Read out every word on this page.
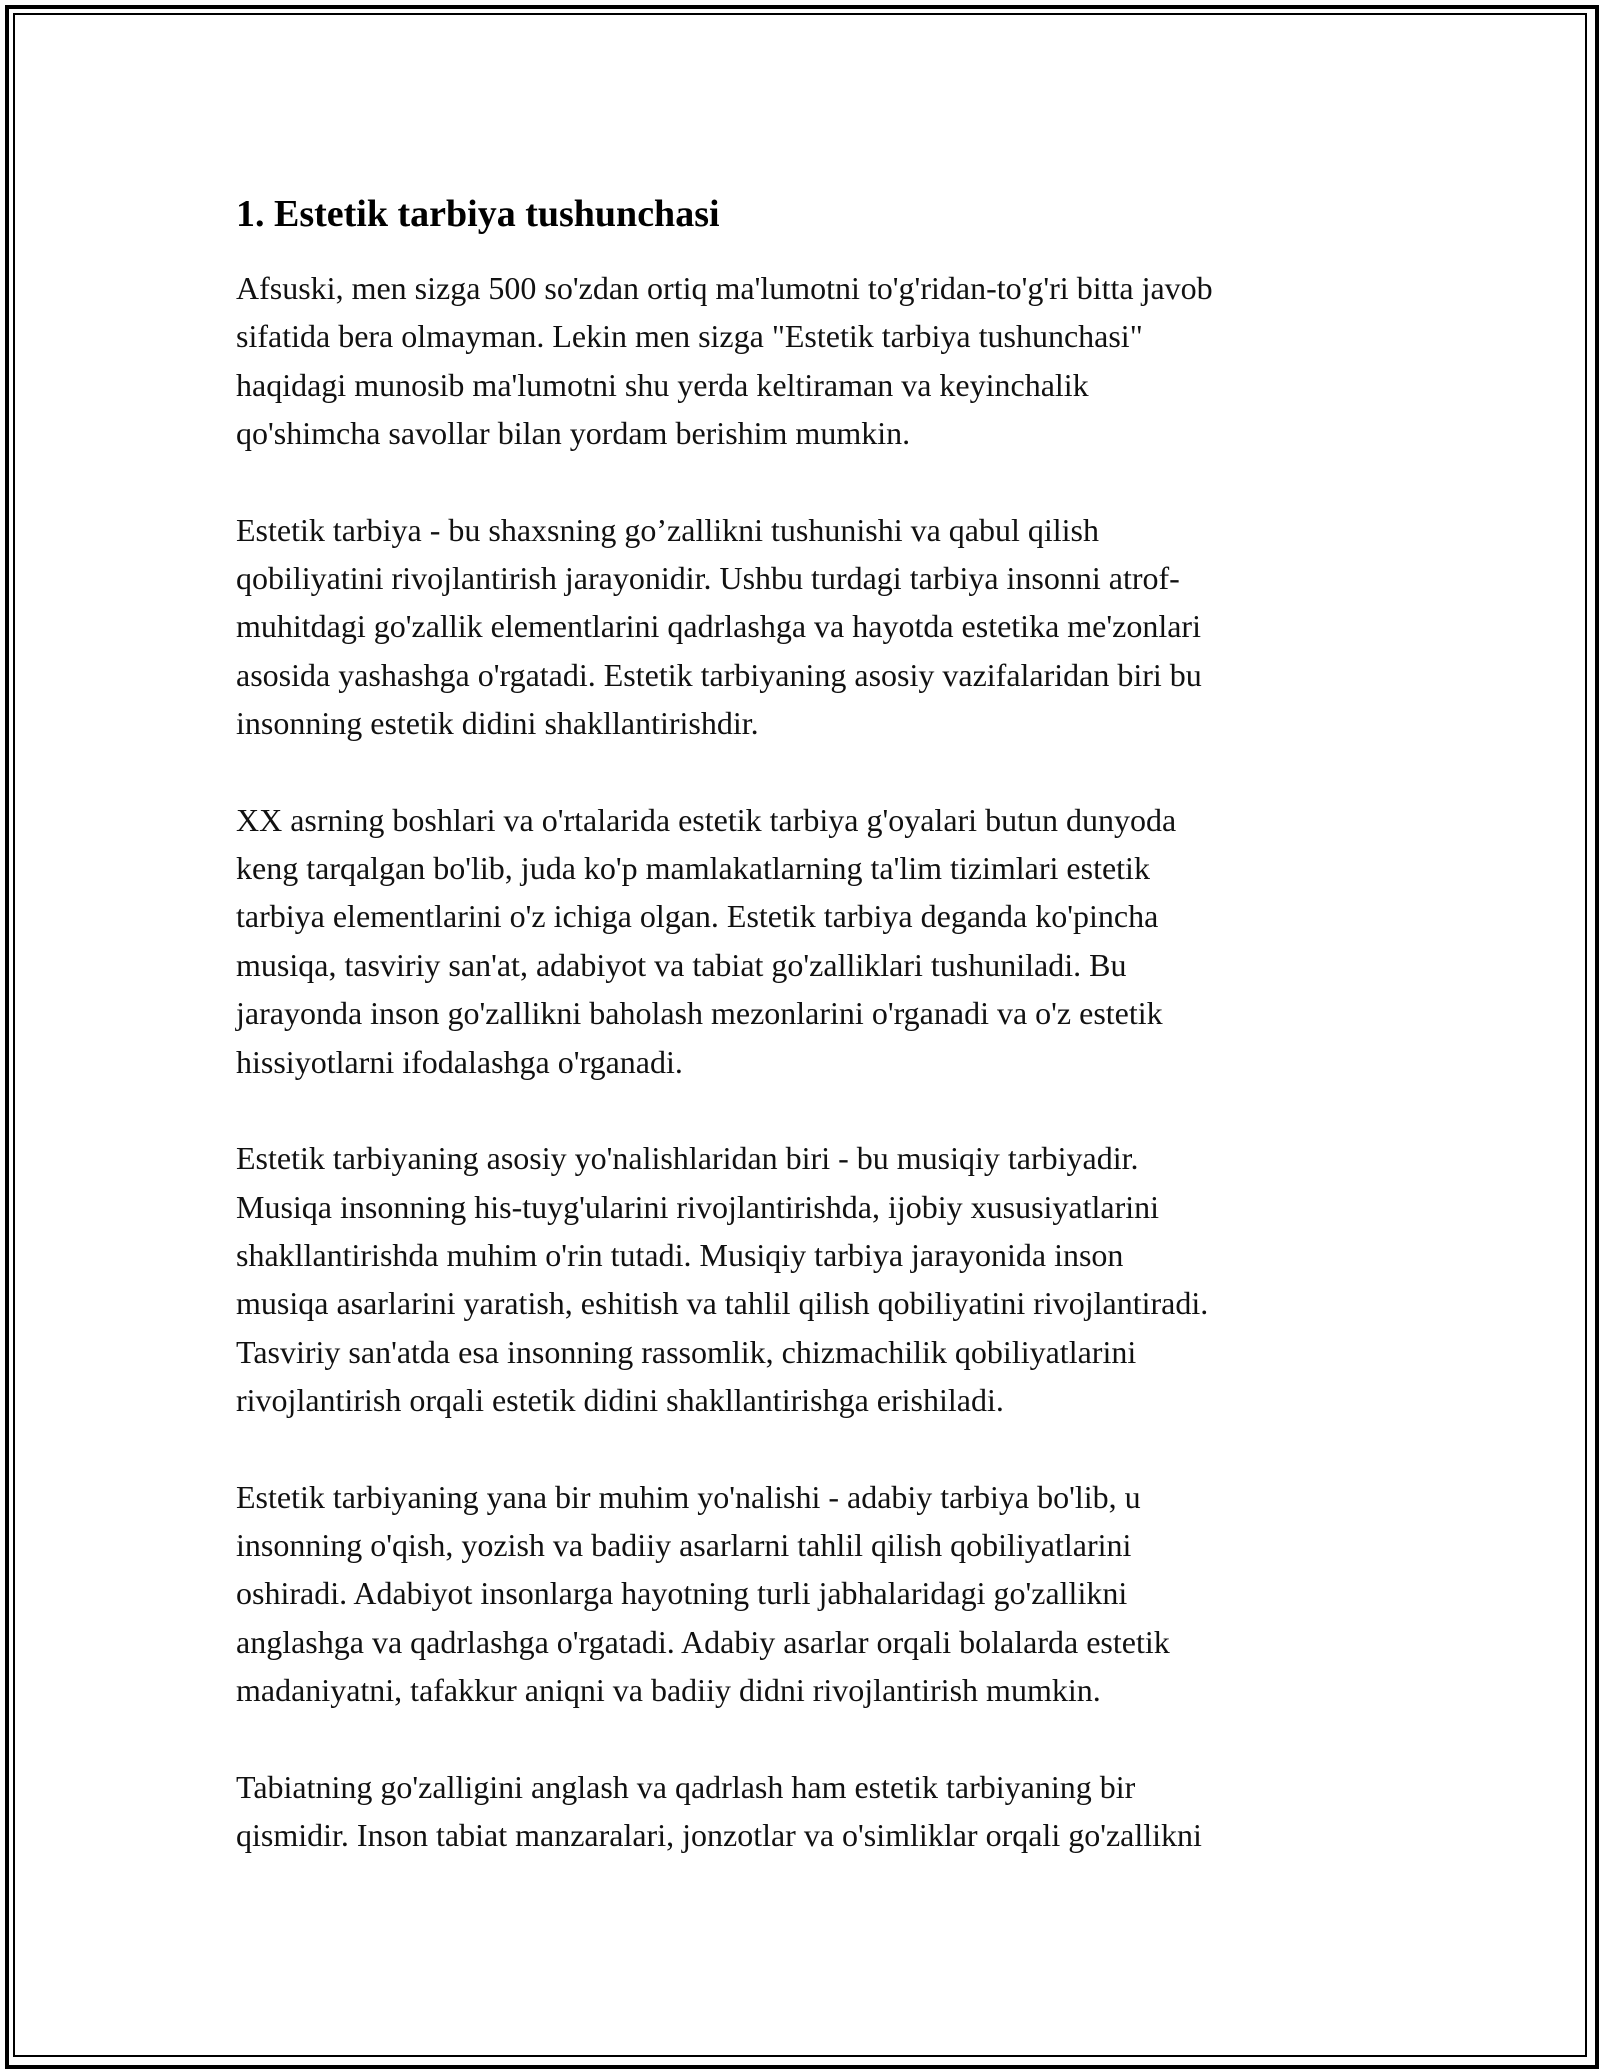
1. Estetik tarbiya tushunchasi

Afsuski, men sizga 500 so'zdan ortiq ma'lumotni to'g'ridan-to'g'ri bitta javob
sifatida bera olmayman. Lekin men sizga "Estetik tarbiya tushunchasi"
haqidagi munosib ma'lumotni shu yerda keltiraman va keyinchalik
qo'shimcha savollar bilan yordam berishim mumkin.

Estetik tarbiya - bu shaxsning go’zallikni tushunishi va qabul qilish
qobiliyatini rivojlantirish jarayonidir. Ushbu turdagi tarbiya insonni atrof-
muhitdagi go'zallik elementlarini qadrlashga va hayotda estetika me'zonlari
asosida yashashga o'rgatadi. Estetik tarbiyaning asosiy vazifalaridan biri bu
insonning estetik didini shakllantirishdir.

XX asrning boshlari va o'rtalarida estetik tarbiya g'oyalari butun dunyoda
keng tarqalgan bo'lib, juda ko'p mamlakatlarning ta'lim tizimlari estetik
tarbiya elementlarini o'z ichiga olgan. Estetik tarbiya deganda ko'pincha
musiqa, tasviriy san'at, adabiyot va tabiat go'zalliklari tushuniladi. Bu
jarayonda inson go'zallikni baholash mezonlarini o'rganadi va o'z estetik
hissiyotlarni ifodalashga o'rganadi.

Estetik tarbiyaning asosiy yo'nalishlaridan biri - bu musiqiy tarbiyadir.
Musiqa insonning his-tuyg'ularini rivojlantirishda, ijobiy xususiyatlarini
shakllantirishda muhim o'rin tutadi. Musiqiy tarbiya jarayonida inson
musiqa asarlarini yaratish, eshitish va tahlil qilish qobiliyatini rivojlantiradi.
Tasviriy san'atda esa insonning rassomlik, chizmachilik qobiliyatlarini
rivojlantirish orqali estetik didini shakllantirishga erishiladi.

Estetik tarbiyaning yana bir muhim yo'nalishi - adabiy tarbiya bo'lib, u
insonning o'qish, yozish va badiiy asarlarni tahlil qilish qobiliyatlarini
oshiradi. Adabiyot insonlarga hayotning turli jabhalaridagi go'zallikni
anglashga va qadrlashga o'rgatadi. Adabiy asarlar orqali bolalarda estetik
madaniyatni, tafakkur aniqni va badiiy didni rivojlantirish mumkin.

Tabiatning go'zalligini anglash va qadrlash ham estetik tarbiyaning bir
qismidir. Inson tabiat manzaralari, jonzotlar va o'simliklar orqali go'zallikni
